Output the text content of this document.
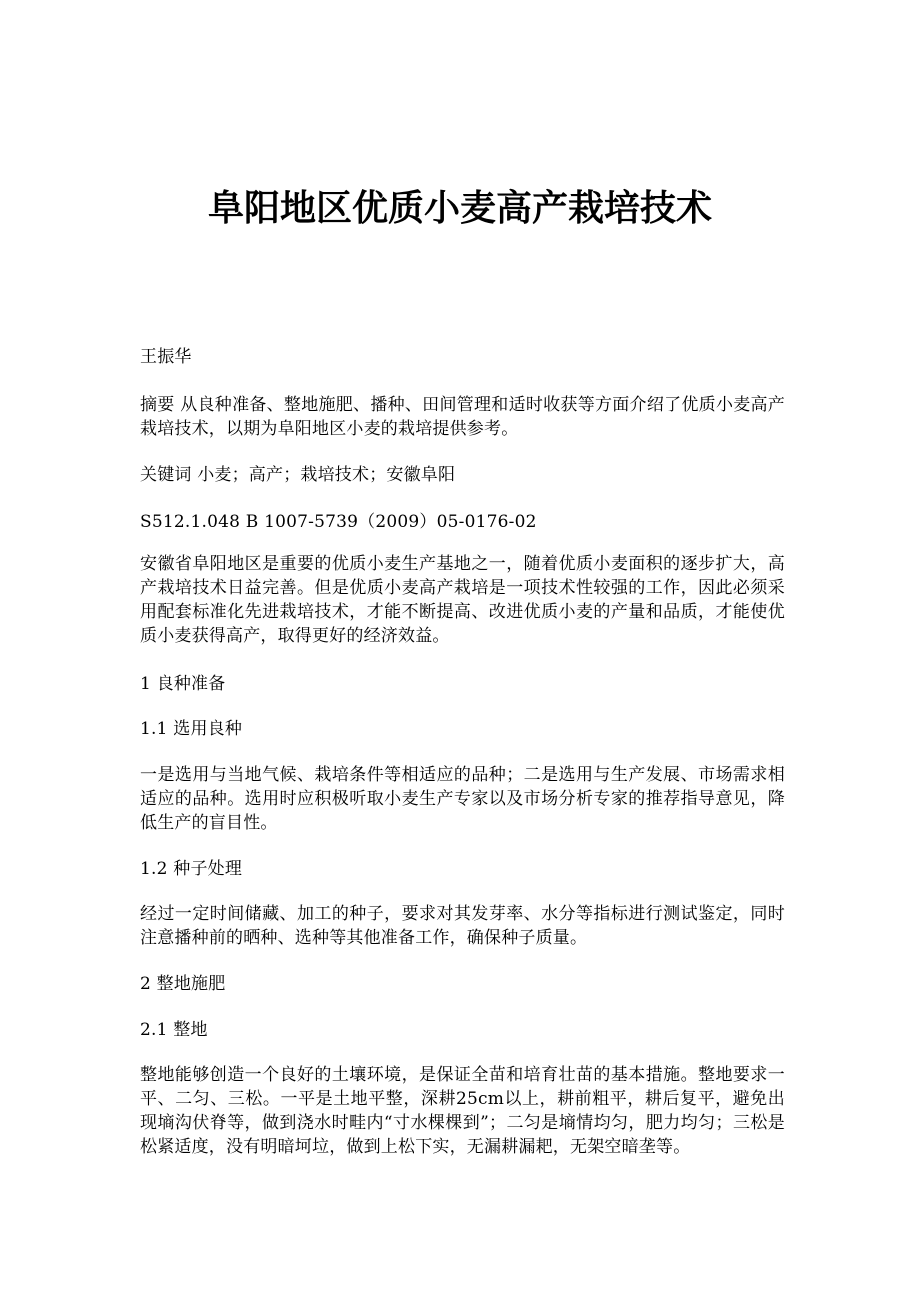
阜阳地区优质小麦高产栽培技术

王振华

摘要 从良种准备、整地施肥、播种、田间管理和适时收获等方面介绍了优质小麦高产栽培技术，以期为阜阳地区小麦的栽培提供参考。

关键词 小麦；高产；栽培技术；安徽阜阳

S512.1.048 B 1007-5739（2009）05-0176-02

安徽省阜阳地区是重要的优质小麦生产基地之一，随着优质小麦面积的逐步扩大，高产栽培技术日益完善。但是优质小麦高产栽培是一项技术性较强的工作，因此必须采用配套标准化先进栽培技术，才能不断提高、改进优质小麦的产量和品质，才能使优质小麦获得高产，取得更好的经济效益。

1 良种准备

1.1 选用良种

一是选用与当地气候、栽培条件等相适应的品种；二是选用与生产发展、市场需求相适应的品种。选用时应积极听取小麦生产专家以及市场分析专家的推荐指导意见，降低生产的盲目性。

1.2 种子处理

经过一定时间储藏、加工的种子，要求对其发芽率、水分等指标进行测试鉴定，同时注意播种前的晒种、选种等其他准备工作，确保种子质量。

2 整地施肥

2.1 整地

整地能够创造一个良好的土壤环境，是保证全苗和培育壮苗的基本措施。整地要求一平、二匀、三松。一平是土地平整，深耕25cm以上，耕前粗平，耕后复平，避免出现墒沟伏脊等，做到浇水时畦内“寸水棵棵到”；二匀是墒情均匀，肥力均匀；三松是松紧适度，没有明暗坷垃，做到上松下实，无漏耕漏耙，无架空暗垄等。
